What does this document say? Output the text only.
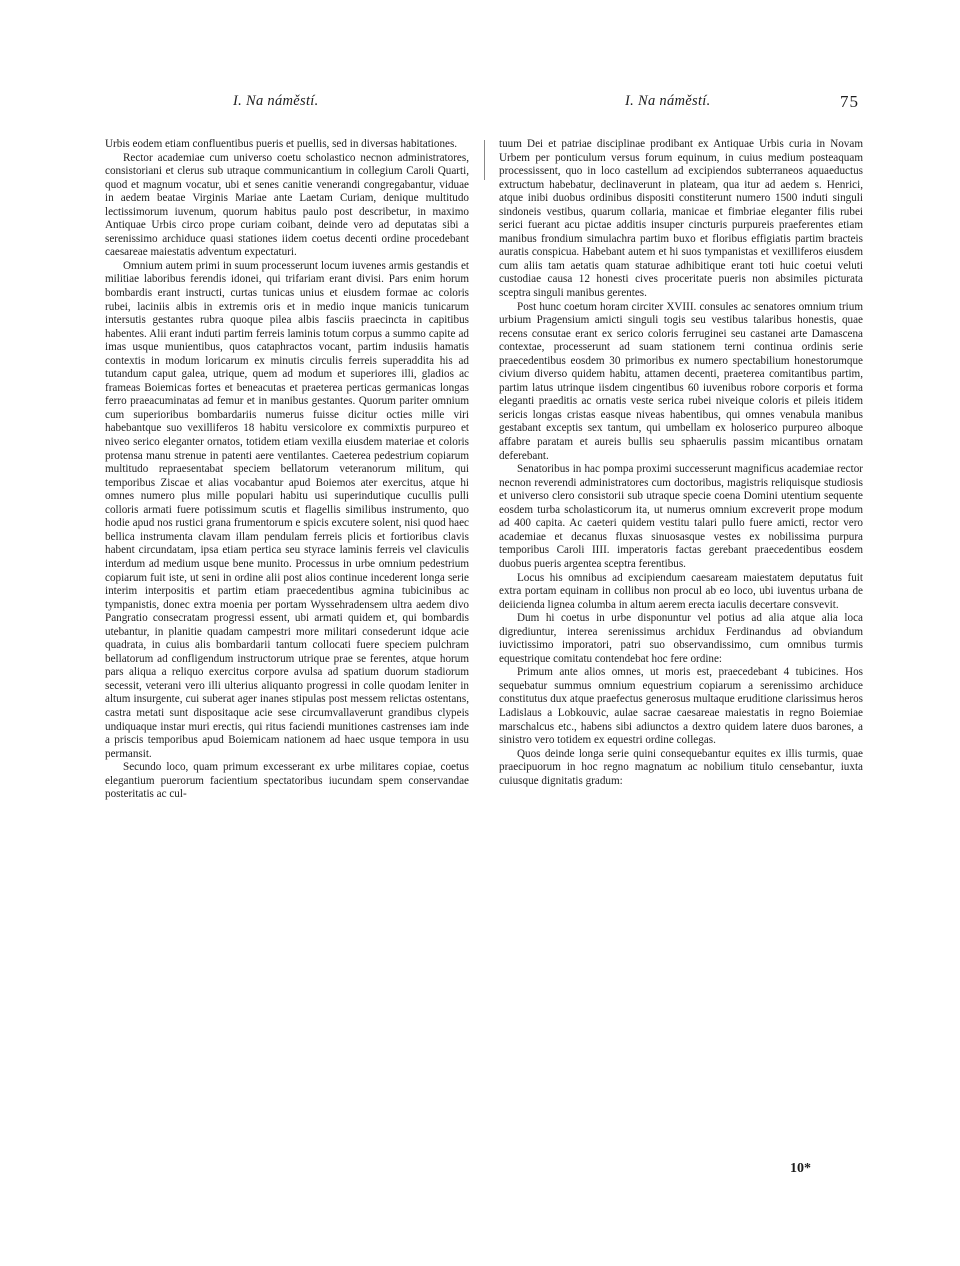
I. Na náměstí.	I. Na náměstí.	75

Urbis eodem etiam confluentibus pueris et puellis, sed in diversas habitationes.

Rector academiae cum universo coetu scholastico necnon administratores, consistoriani et clerus sub utraque communicantium in collegium Caroli Quarti, quod et magnum vocatur, ubi et senes canitie venerandi congregabantur, viduae in aedem beatae Virginis Mariae ante Laetam Curiam, denique multitudo lectissimorum iuvenum, quorum habitus paulo post describetur, in maximo Antiquae Urbis circo prope curiam coibant, deinde vero ad deputatas sibi a serenissimo archiduce quasi stationes iidem coetus decenti ordine procedebant caesareae maiestatis adventum expectaturi.

Omnium autem primi in suum processerunt locum iuvenes armis gestandis et militiae laboribus ferendis idonei, qui trifariam erant divisi. Pars enim horum bombardis erant instructi, curtas tunicas unius et eiusdem formae ac coloris rubei, laciniis albis in extremis oris et in medio inque manicis tunicarum intersutis gestantes rubra quoque pilea albis fasciis praecincta in capitibus habentes. Alii erant induti partim ferreis laminis totum corpus a summo capite ad imas usque munientibus, quos cataphractos vocant, partim indusiis hamatis contextis in modum loricarum ex minutis circulis ferreis superaddita his ad tutandum caput galea, utrique, quem ad modum et superiores illi, gladios ac frameas Boiemicas fortes et beneacutas et praeterea perticas germanicas longas ferro praeacuminatas ad femur et in manibus gestantes. Quorum pariter omnium cum superioribus bombardariis numerus fuisse dicitur octies mille viri habebantque suo vexilliferos 18 habitu versicolore ex commixtis purpureo et niveo serico eleganter ornatos, totidem etiam vexilla eiusdem materiae et coloris protensa manu strenue in patenti aere ventilantes. Caeterea pedestrium copiarum multitudo repraesentabat speciem bellatorum veteranorum militum, qui temporibus Ziscae et alias vocabantur apud Boiemos ater exercitus, atque hi omnes numero plus mille populari habitu usi superindutique cucullis pulli colloris armati fuere potissimum scutis et flagellis similibus instrumento, quo hodie apud nos rustici grana frumentorum e spicis excutere solent, nisi quod haec bellica instrumenta clavam illam pendulam ferreis plicis et fortioribus clavis habent circundatam, ipsa etiam pertica seu styrace laminis ferreis vel claviculis interdum ad medium usque bene munito. Processus in urbe omnium pedestrium copiarum fuit iste, ut seni in ordine alii post alios continue incederent longa serie interim interpositis et partim etiam praecedentibus agmina tubicinibus ac tympanistis, donec extra moenia per portam Wyssehradensem ultra aedem divo Pangratio consecratam progressi essent, ubi armati quidem et, qui bombardis utebantur, in planitie quadam campestri more militari consederunt idque acie quadrata, in cuius alis bombardarii tantum collocati fuere speciem pulchram bellatorum ad confligendum instructorum utrique prae se ferentes, atque horum pars aliqua a reliquo exercitus corpore avulsa ad spatium duorum stadiorum secessit, veterani vero illi ulterius aliquanto progressi in colle quodam leniter in altum insurgente, cui suberat ager inanes stipulas post messem relictas ostentans, castra metati sunt dispositaque acie sese circumvallaverunt grandibus clypeis undiquaque instar muri erectis, qui ritus faciendi munitiones castrenses iam inde a priscis temporibus apud Boiemicam nationem ad haec usque tempora in usu permansit.

Secundo loco, quam primum excesserant ex urbe militares copiae, coetus elegantium puerorum facientium spectatoribus iucundam spem conservandae posteritatis ac cul-

tuum Dei et patriae disciplinae prodibant ex Antiquae Urbis curia in Novam Urbem per ponticulum versus forum equinum, in cuius medium posteaquam processissent, quo in loco castellum ad excipiendos subterraneos aquaeductus extructum habebatur, declinaverunt in plateam, qua itur ad aedem s. Henrici, atque inibi duobus ordinibus dispositi constiterunt numero 1500 induti singuli sindoneis vestibus, quarum collaria, manicae et fimbriae eleganter filis rubei serici fuerant acu pictae additis insuper cincturis purpureis praeferentes etiam manibus frondium simulachra partim buxo et floribus effigiatis partim bracteis auratis conspicua. Habebant autem et hi suos tympanistas et vexilliferos eiusdem cum aliis tam aetatis quam staturae adhibitique erant toti huic coetui veluti custodiae causa 12 honesti cives proceritate pueris non absimiles picturata sceptra singuli manibus gerentes.

Post hunc coetum horam circiter XVIII. consules ac senatores omnium trium urbium Pragensium amicti singuli togis seu vestibus talaribus honestis, quae recens consutae erant ex serico coloris ferruginei seu castanei arte Damascena contextae, processerunt ad suam stationem terni continua ordinis serie praecedentibus eosdem 30 primoribus ex numero spectabilium honestorumque civium diverso quidem habitu, attamen decenti, praeterea comitantibus partim, partim latus utrinque iisdem cingentibus 60 iuvenibus robore corporis et forma eleganti praeditis ac ornatis veste serica rubei niveique coloris et pileis itidem sericis longas cristas easque niveas habentibus, qui omnes venabula manibus gestabant exceptis sex tantum, qui umbellam ex holoserico purpureo alboque affabre paratam et aureis bullis seu sphaerulis passim micantibus ornatam deferebant.

Senatoribus in hac pompa proximi successerunt magnificus academiae rector necnon reverendi administratores cum doctoribus, magistris reliquisque studiosis et universo clero consistorii sub utraque specie coena Domini utentium sequente eosdem turba scholasticorum ita, ut numerus omnium excreverit prope modum ad 400 capita. Ac caeteri quidem vestitu talari pullo fuere amicti, rector vero academiae et decanus fluxas sinuosasque vestes ex nobilissima purpura temporibus Caroli IIII. imperatoris factas gerebant praecedentibus eosdem duobus pueris argentea sceptra ferentibus.

Locus his omnibus ad excipiendum caesaream maiestatem deputatus fuit extra portam equinam in collibus non procul ab eo loco, ubi iuventus urbana de deiicienda lignea columba in altum aerem erecta iaculis decertare consvevit.

Dum hi coetus in urbe disponuntur vel potius ad alia atque alia loca digrediuntur, interea serenissimus archidux Ferdinandus ad obviandum iuvictissimo imporatori, patri suo observandissimo, cum omnibus turmis equestrique comitatu contendebat hoc fere ordine:

Primum ante alios omnes, ut moris est, praecedebant 4 tubicines. Hos sequebatur summus omnium equestrium copiarum a serenissimo archiduce constitutus dux atque praefectus generosus multaque eruditione clarissimus heros Ladislaus a Lobkouvic, aulae sacrae caesareae maiestatis in regno Boiemiae marschalcus etc., habens sibi adiunctos a dextro quidem latere duos barones, a sinistro vero totidem ex equestri ordine collegas.

Quos deinde longa serie quini consequebantur equites ex illis turmis, quae praecipuorum in hoc regno magnatum ac nobilium titulo censebantur, iuxta cuiusque dignitatis gradum:

10*
